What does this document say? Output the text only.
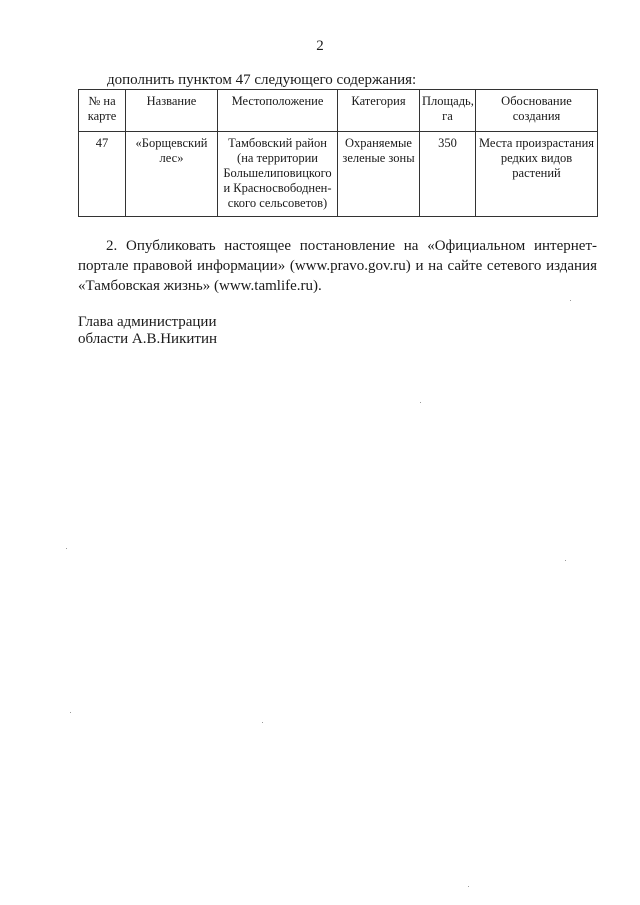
2
дополнить пунктом 47 следующего содержания:
№ на карте	Название	Местоположение	Категория	Площадь, га	Обоснование создания
47	«Борщевский лес»	Тамбовский район (на территории Большелиповицкого и Красносвободнен-ского сельсоветов)	Охраняемые зеленые зоны	350	Места произрастания редких видов растений
2. Опубликовать настоящее постановление на «Официальном интернет-портале правовой информации» (www.pravo.gov.ru) и на сайте сетевого издания «Тамбовская жизнь» (www.tamlife.ru).
Глава администрации
области А.В.Никитин
